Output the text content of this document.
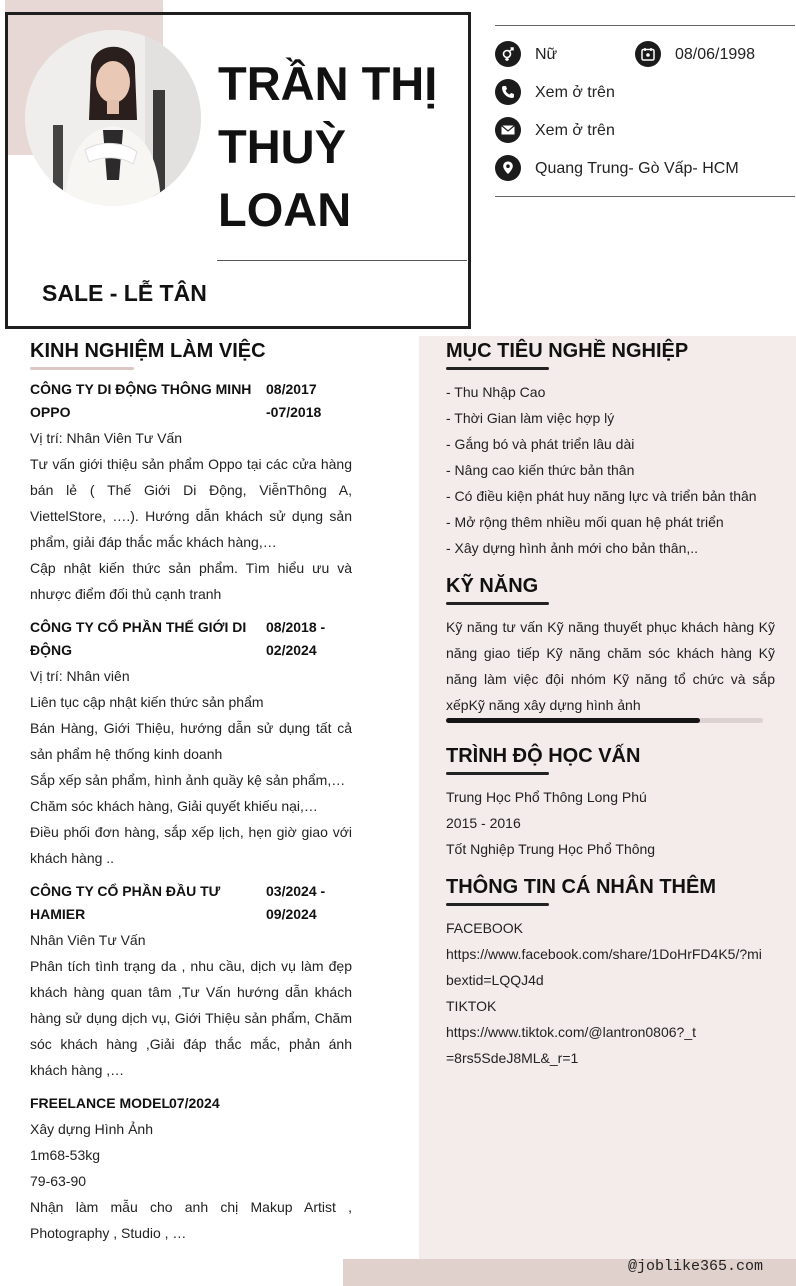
TRẦN THỊ THUỲ LOAN
SALE - LỄ TÂN
Nữ	08/06/1998
Xem ở trên
Xem ở trên
Quang Trung- Gò Vấp- HCM
KINH NGHIỆM LÀM VIỆC
CÔNG TY DI ĐỘNG THÔNG MINH OPPO
08/2017 -07/2018
Vị trí: Nhân Viên Tư Vấn
Tư vấn giới thiệu sản phẩm Oppo tại các cửa hàng bán lẻ ( Thế Giới Di Động, ViễnThông A, ViettelStore, ….). Hướng dẫn khách sử dụng sản phẩm, giải đáp thắc mắc khách hàng,…
Cập nhật kiến thức sản phẩm. Tìm hiểu ưu và nhược điểm đối thủ cạnh tranh
CÔNG TY CỔ PHẦN THẾ GIỚI DI ĐỘNG
08/2018 - 02/2024
Vị trí: Nhân viên
Liên tục cập nhật kiến thức sản phẩm
Bán Hàng, Giới Thiệu, hướng dẫn sử dụng tất cả sản phẩm hệ thống kinh doanh
Sắp xếp sản phẩm, hình ảnh quầy kệ sản phẩm,…
Chăm sóc khách hàng, Giải quyết khiếu nại,…
Điều phối đơn hàng, sắp xếp lịch, hẹn giờ giao với khách hàng ..
CÔNG TY CỔ PHẦN ĐẦU TƯ HAMIER
03/2024 - 09/2024
Nhân Viên Tư Vấn
Phân tích tình trạng da , nhu cầu, dịch vụ làm đẹp khách hàng quan tâm ,Tư Vấn hướng dẫn khách hàng sử dụng dịch vụ, Giới Thiệu sản phẩm, Chăm sóc khách hàng ,Giải đáp thắc mắc, phản ánh khách hàng ,…
FREELANCE MODEL 07/2024
Xây dựng Hình Ảnh
1m68-53kg
79-63-90
Nhận làm mẫu cho anh chị Makup Artist , Photography , Studio , …
MỤC TIÊU NGHỀ NGHIỆP
- Thu Nhập Cao
- Thời Gian làm việc hợp lý
- Gắng bó và phát triển lâu dài
- Nâng cao kiến thức bản thân
- Có điều kiện phát huy năng lực và triển bản thân
- Mở rộng thêm nhiều mối quan hệ phát triển
- Xây dựng hình ảnh mới cho bản thân,..
KỸ NĂNG
Kỹ năng tư vấn Kỹ năng thuyết phục khách hàng Kỹ năng giao tiếp Kỹ năng chăm sóc khách hàng Kỹ năng làm việc đội nhóm Kỹ năng tổ chức và sắp xếpKỹ năng xây dựng hình ảnh
TRÌNH ĐỘ HỌC VẤN
Trung Học Phổ Thông Long Phú
2015 - 2016
Tốt Nghiệp Trung Học Phổ Thông
THÔNG TIN CÁ NHÂN THÊM
FACEBOOK
https://www.facebook.com/share/1DoHrFD4K5/?mibextid=LQQJ4d
TIKTOK
https://www.tiktok.com/@lantron0806?_t=8rs5SdeJ8ML&_r=1
@joblike365.com
